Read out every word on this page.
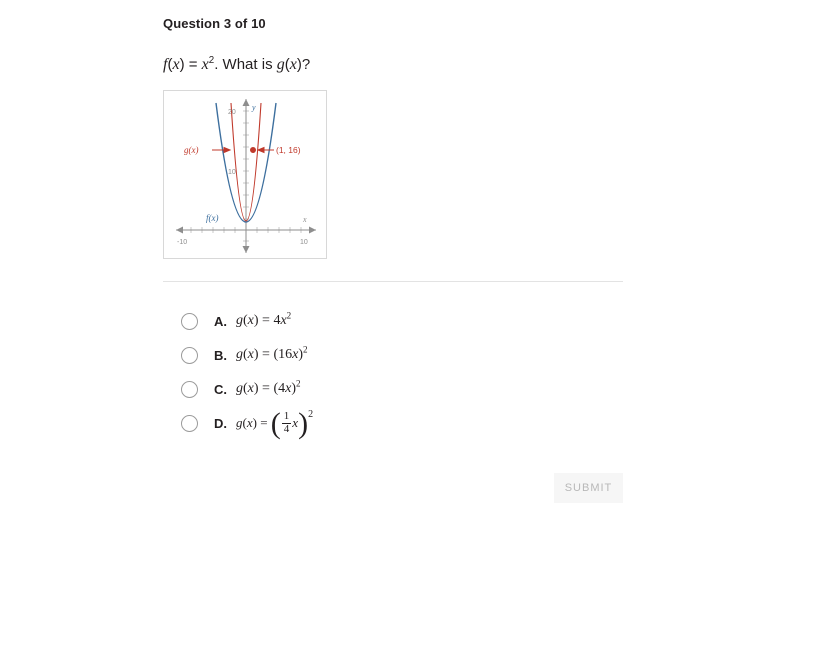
Question 3 of 10
$f(x) = x^2$. What is g(x)?
(1, 16)
g(x)
f(x)
y
x
20
10
-10	10
A. $g(x) = 4x^2$
B. $g(x) = (16x)^2$
C. $g(x) = (4x)^2$
D. g ( x ) = ( $\frac{1}{4}$ x ) 2
SUBMIT
